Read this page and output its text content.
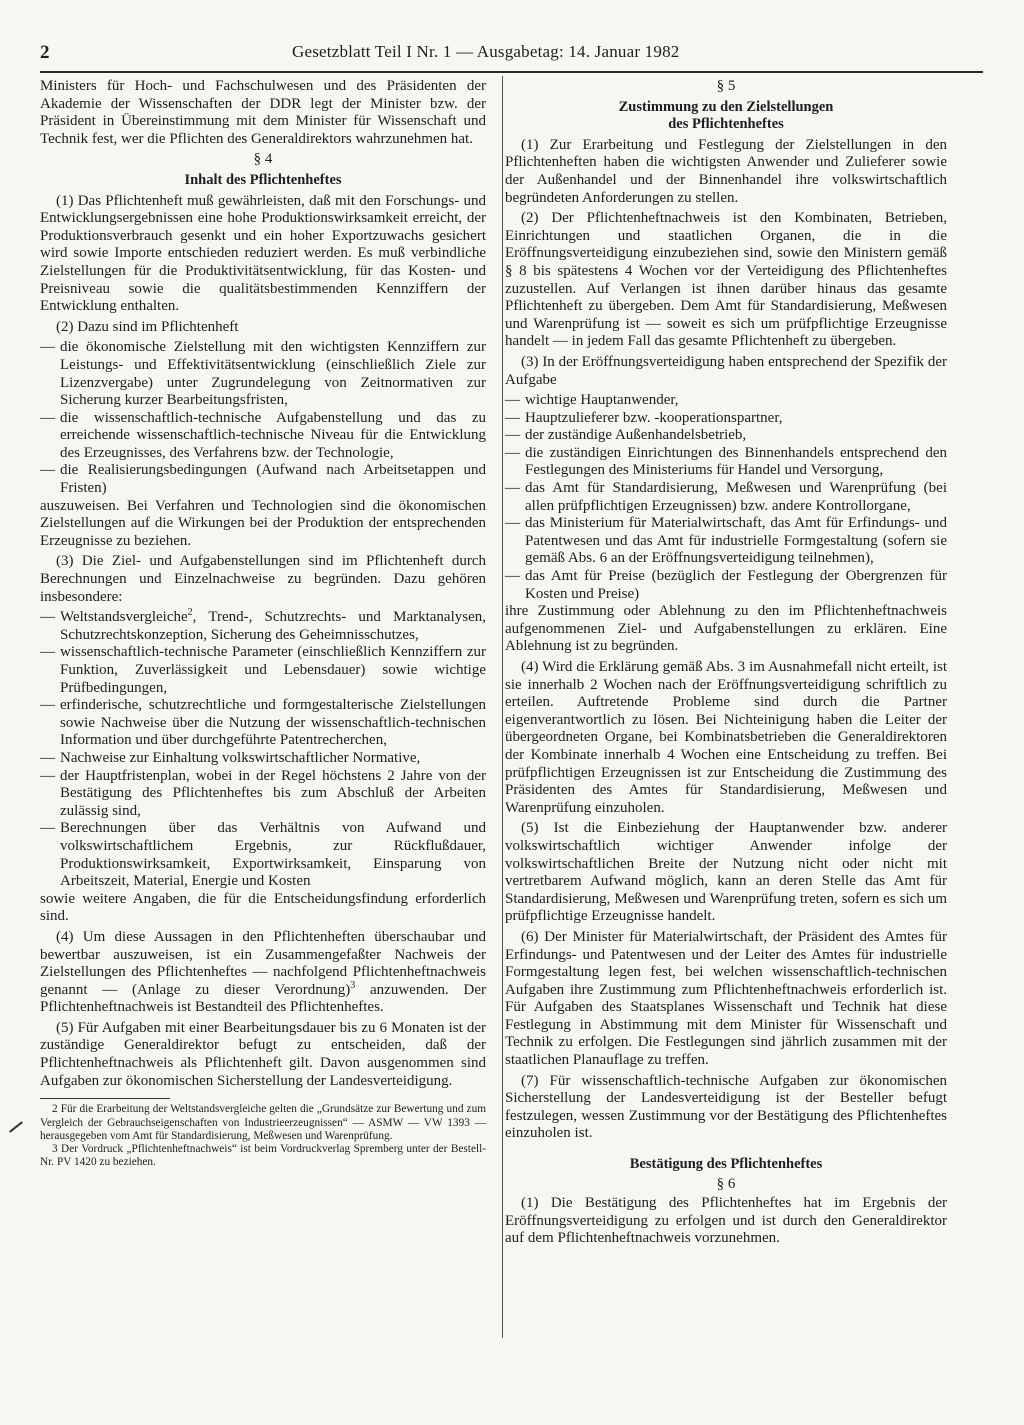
2	Gesetzblatt Teil I Nr. 1 — Ausgabetag: 14. Januar 1982

Ministers für Hoch- und Fachschulwesen und des Präsidenten der Akademie der Wissenschaften der DDR legt der Minister bzw. der Präsident in Übereinstimmung mit dem Minister für Wissenschaft und Technik fest, wer die Pflichten des Generaldirektors wahrzunehmen hat.

§ 4

Inhalt des Pflichtenheftes

(1) Das Pflichtenheft muß gewährleisten, daß mit den Forschungs- und Entwicklungsergebnissen eine hohe Produktionswirksamkeit erreicht, der Produktionsverbrauch gesenkt und ein hoher Exportzuwachs gesichert wird sowie Importe entschieden reduziert werden. Es muß verbindliche Zielstellungen für die Produktivitätsentwicklung, für das Kosten- und Preisniveau sowie die qualitätsbestimmenden Kennziffern der Entwicklung enthalten.

(2) Dazu sind im Pflichtenheft

— die ökonomische Zielstellung mit den wichtigsten Kennziffern zur Leistungs- und Effektivitätsentwicklung (einschließlich Ziele zur Lizenzvergabe) unter Zugrundelegung von Zeitnormativen zur Sicherung kurzer Bearbeitungsfristen,
— die wissenschaftlich-technische Aufgabenstellung und das zu erreichende wissenschaftlich-technische Niveau für die Entwicklung des Erzeugnisses, des Verfahrens bzw. der Technologie,
— die Realisierungsbedingungen (Aufwand nach Arbeitsetappen und Fristen)

auszuweisen. Bei Verfahren und Technologien sind die ökonomischen Zielstellungen auf die Wirkungen bei der Produktion der entsprechenden Erzeugnisse zu beziehen.

(3) Die Ziel- und Aufgabenstellungen sind im Pflichtenheft durch Berechnungen und Einzelnachweise zu begründen. Dazu gehören insbesondere:

— Weltstandsvergleiche$^2$, Trend-, Schutzrechts- und Marktanalysen, Schutzrechtskonzeption, Sicherung des Geheimnisschutzes,
— wissenschaftlich-technische Parameter (einschließlich Kennziffern zur Funktion, Zuverlässigkeit und Lebensdauer) sowie wichtige Prüfbedingungen,
— erfinderische, schutzrechtliche und formgestalterische Zielstellungen sowie Nachweise über die Nutzung der wissenschaftlich-technischen Information und über durchgeführte Patentrecherchen,
— Nachweise zur Einhaltung volkswirtschaftlicher Normative,
— der Hauptfristenplan, wobei in der Regel höchstens 2 Jahre von der Bestätigung des Pflichtenheftes bis zum Abschluß der Arbeiten zulässig sind,
— Berechnungen über das Verhältnis von Aufwand und volkswirtschaftlichem Ergebnis, zur Rückflußdauer, Produktionswirksamkeit, Exportwirksamkeit, Einsparung von Arbeitszeit, Material, Energie und Kosten

sowie weitere Angaben, die für die Entscheidungsfindung erforderlich sind.

(4) Um diese Aussagen in den Pflichtenheften überschaubar und bewertbar auszuweisen, ist ein Zusammengefaßter Nachweis der Zielstellungen des Pflichtenheftes — nachfolgend Pflichtenheftnachweis genannt — (Anlage zu dieser Verordnung)$^3$ anzuwenden. Der Pflichtenheftnachweis ist Bestandteil des Pflichtenheftes.

(5) Für Aufgaben mit einer Bearbeitungsdauer bis zu 6 Monaten ist der zuständige Generaldirektor befugt zu entscheiden, daß der Pflichtenheftnachweis als Pflichtenheft gilt. Davon ausgenommen sind Aufgaben zur ökonomischen Sicherstellung der Landesverteidigung.

2 Für die Erarbeitung der Weltstandsvergleiche gelten die „Grundsätze zur Bewertung und zum Vergleich der Gebrauchseigenschaften von Industrieerzeugnissen“ — ASMW — VW 1393 — herausgegeben vom Amt für Standardisierung, Meßwesen und Warenprüfung.

3 Der Vordruck „Pflichtenheftnachweis“ ist beim Vordruckverlag Spremberg unter der Bestell-Nr. PV 1420 zu beziehen.

§ 5

Zustimmung zu den Zielstellungen

des Pflichtenheftes

(1) Zur Erarbeitung und Festlegung der Zielstellungen in den Pflichtenheften haben die wichtigsten Anwender und Zulieferer sowie der Außenhandel und der Binnenhandel ihre volkswirtschaftlich begründeten Anforderungen zu stellen.

(2) Der Pflichtenheftnachweis ist den Kombinaten, Betrieben, Einrichtungen und staatlichen Organen, die in die Eröffnungsverteidigung einzubeziehen sind, sowie den Ministern gemäß § 8 bis spätestens 4 Wochen vor der Verteidigung des Pflichtenheftes zuzustellen. Auf Verlangen ist ihnen darüber hinaus das gesamte Pflichtenheft zu übergeben. Dem Amt für Standardisierung, Meßwesen und Warenprüfung ist — soweit es sich um prüfpflichtige Erzeugnisse handelt — in jedem Fall das gesamte Pflichtenheft zu übergeben.

(3) In der Eröffnungsverteidigung haben entsprechend der Spezifik der Aufgabe

— wichtige Hauptanwender,
— Hauptzulieferer bzw. -kooperationspartner,
— der zuständige Außenhandelsbetrieb,
— die zuständigen Einrichtungen des Binnenhandels entsprechend den Festlegungen des Ministeriums für Handel und Versorgung,
— das Amt für Standardisierung, Meßwesen und Warenprüfung (bei allen prüfpflichtigen Erzeugnissen) bzw. andere Kontrollorgane,
— das Ministerium für Materialwirtschaft, das Amt für Erfindungs- und Patentwesen und das Amt für industrielle Formgestaltung (sofern sie gemäß Abs. 6 an der Eröffnungsverteidigung teilnehmen),
— das Amt für Preise (bezüglich der Festlegung der Obergrenzen für Kosten und Preise)

ihre Zustimmung oder Ablehnung zu den im Pflichtenheftnachweis aufgenommenen Ziel- und Aufgabenstellungen zu erklären. Eine Ablehnung ist zu begründen.

(4) Wird die Erklärung gemäß Abs. 3 im Ausnahmefall nicht erteilt, ist sie innerhalb 2 Wochen nach der Eröffnungsverteidigung schriftlich zu erteilen. Auftretende Probleme sind durch die Partner eigenverantwortlich zu lösen. Bei Nichteinigung haben die Leiter der übergeordneten Organe, bei Kombinatsbetrieben die Generaldirektoren der Kombinate innerhalb 4 Wochen eine Entscheidung zu treffen. Bei prüfpflichtigen Erzeugnissen ist zur Entscheidung die Zustimmung des Präsidenten des Amtes für Standardisierung, Meßwesen und Warenprüfung einzuholen.

(5) Ist die Einbeziehung der Hauptanwender bzw. anderer volkswirtschaftlich wichtiger Anwender infolge der volkswirtschaftlichen Breite der Nutzung nicht oder nicht mit vertretbarem Aufwand möglich, kann an deren Stelle das Amt für Standardisierung, Meßwesen und Warenprüfung treten, sofern es sich um prüfpflichtige Erzeugnisse handelt.

(6) Der Minister für Materialwirtschaft, der Präsident des Amtes für Erfindungs- und Patentwesen und der Leiter des Amtes für industrielle Formgestaltung legen fest, bei welchen wissenschaftlich-technischen Aufgaben ihre Zustimmung zum Pflichtenheftnachweis erforderlich ist. Für Aufgaben des Staatsplanes Wissenschaft und Technik hat diese Festlegung in Abstimmung mit dem Minister für Wissenschaft und Technik zu erfolgen. Die Festlegungen sind jährlich zusammen mit der staatlichen Planauflage zu treffen.

(7) Für wissenschaftlich-technische Aufgaben zur ökonomischen Sicherstellung der Landesverteidigung ist der Besteller befugt festzulegen, wessen Zustimmung vor der Bestätigung des Pflichtenheftes einzuholen ist.

Bestätigung des Pflichtenheftes

§ 6

(1) Die Bestätigung des Pflichtenheftes hat im Ergebnis der Eröffnungsverteidigung zu erfolgen und ist durch den Generaldirektor auf dem Pflichtenheftnachweis vorzunehmen.
